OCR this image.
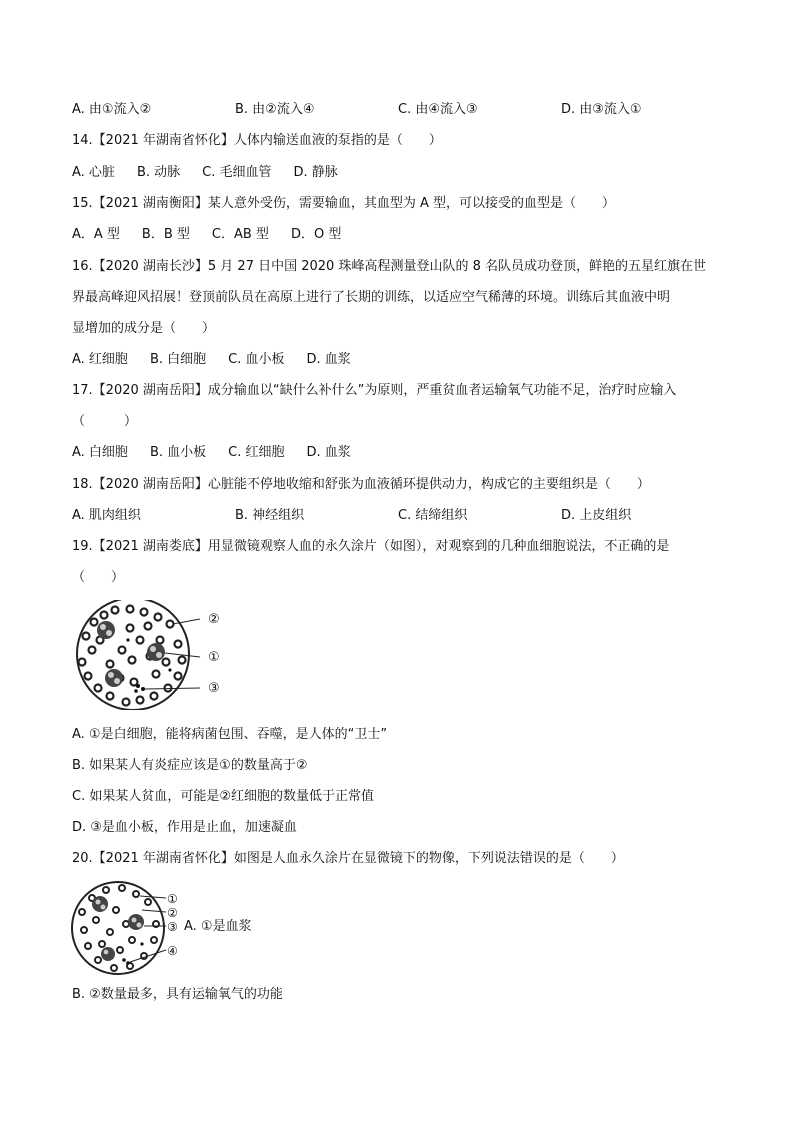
A. 由①流入②	B. 由②流入④	C. 由④流入③	D. 由③流入①
14.【2021 年湖南省怀化】人体内输送血液的泵指的是（　　）
A. 心脏 B. 动脉 C. 毛细血管 D. 静脉
15.【2021 湖南衡阳】某人意外受伤，需要输血，其血型为 A 型，可以接受的血型是（　　）
A．A 型 B．B 型 C．AB 型 D．O 型
16.【2020 湖南长沙】5 月 27 日中国 2020 珠峰高程测量登山队的 8 名队员成功登顶，鲜艳的五星红旗在世
界最高峰迎风招展！登顶前队员在高原上进行了长期的训练，以适应空气稀薄的环境。训练后其血液中明
显增加的成分是（　　）
A. 红细胞 B. 白细胞 C. 血小板 D. 血浆
17.【2020 湖南岳阳】成分输血以“缺什么补什么”为原则，严重贫血者运输氧气功能不足，治疗时应输入
（　　　）
A. 白细胞 B. 血小板 C. 红细胞 D. 血浆
18.【2020 湖南岳阳】心脏能不停地收缩和舒张为血液循环提供动力，构成它的主要组织是（　　）
A. 肌肉组织	B. 神经组织	C. 结缔组织	D. 上皮组织
19.【2021 湖南娄底】用显微镜观察人血的永久涂片（如图），对观察到的几种血细胞说法，不正确的是
（　　）
②
①
③
A. ①是白细胞，能将病菌包围、吞噬，是人体的“卫士”
B. 如果某人有炎症应该是①的数量高于②
C. 如果某人贫血，可能是②红细胞的数量低于正常值
D. ③是血小板，作用是止血，加速凝血
20.【2021 年湖南省怀化】如图是人血永久涂片在显微镜下的物像，下列说法错误的是（　　）
①
②
③
④
A. ①是血浆
B. ②数量最多，具有运输氧气的功能
